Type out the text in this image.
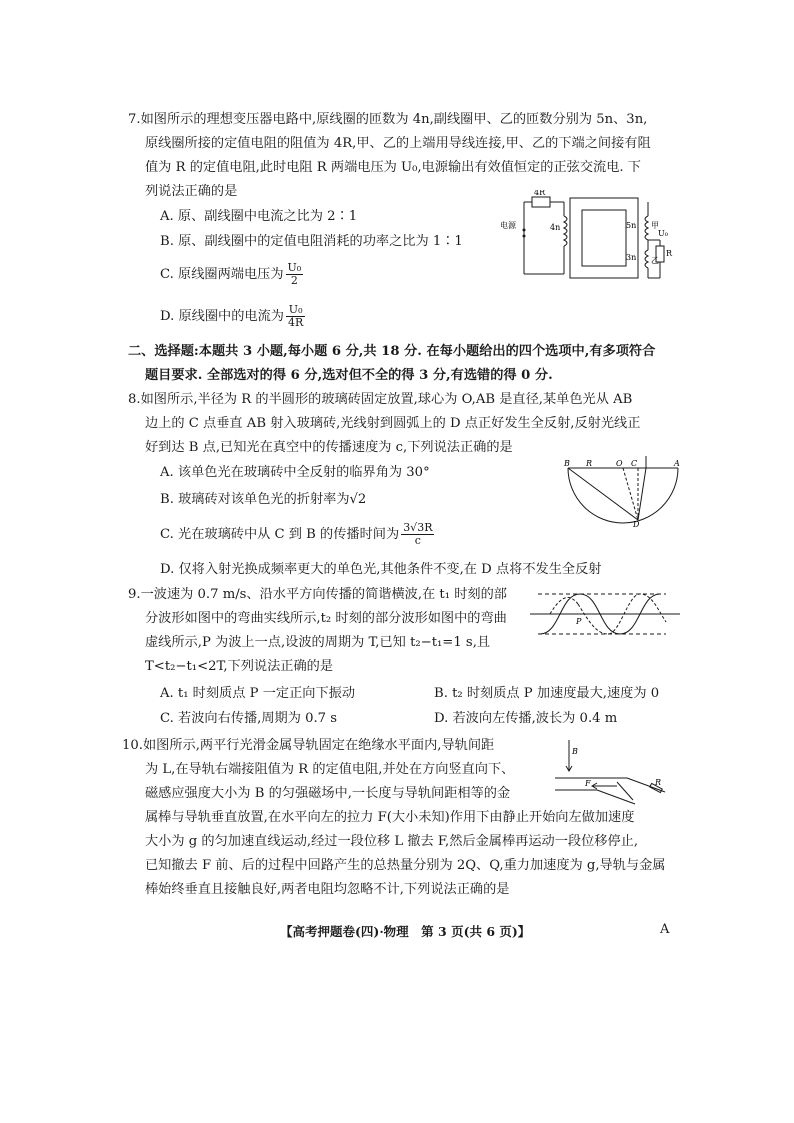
7.如图所示的理想变压器电路中,原线圈的匝数为 4n,副线圈甲、乙的匝数分别为 5n、3n,
原线圈所接的定值电阻的阻值为 4R,甲、乙的上端用导线连接,甲、乙的下端之间接有阻
值为 R 的定值电阻,此时电阻 R 两端电压为 U₀,电源输出有效值恒定的正弦交流电. 下
列说法正确的是
A. 原、副线圈中电流之比为 2∶1
B. 原、副线圈中的定值电阻消耗的功率之比为 1∶1
C. 原线圈两端电压为 $\frac{\text{U₀}}{2}$
D. 原线圈中的电流为 $\frac{\text{U₀}}{4R}$
4R
电源	4n	5n 甲
3n 乙
U₀
R
二、选择题:本题共 3 小题,每小题 6 分,共 18 分. 在每小题给出的四个选项中,有多项符合
题目要求. 全部选对的得 6 分,选对但不全的得 3 分,有选错的得 0 分.
8.如图所示,半径为 R 的半圆形的玻璃砖固定放置,球心为 O,AB 是直径,某单色光从 AB
边上的 C 点垂直 AB 射入玻璃砖,光线射到圆弧上的 D 点正好发生全反射,反射光线正
好到达 B 点,已知光在真空中的传播速度为 c,下列说法正确的是
A. 该单色光在玻璃砖中全反射的临界角为 30°
B. 玻璃砖对该单色光的折射率为√2
C. 光在玻璃砖中从 C 到 B 的传播时间为 $\frac{3√3R}{c}$
D. 仅将入射光换成频率更大的单色光,其他条件不变,在 D 点将不发生全反射
B R	O C	A
D
9.一波速为 0.7 m/s、沿水平方向传播的简谐横波,在 t₁ 时刻的部
分波形如图中的弯曲实线所示,t₂ 时刻的部分波形如图中的弯曲
虚线所示,P 为波上一点,设波的周期为 T,已知 t₂−t₁=1 s,且
T<t₂−t₁<2T,下列说法正确的是
A. t₁ 时刻质点 P 一定正向下振动	B. t₂ 时刻质点 P 加速度最大,速度为 0
C. 若波向右传播,周期为 0.7 s	D. 若波向左传播,波长为 0.4 m
P
10.如图所示,两平行光滑金属导轨固定在绝缘水平面内,导轨间距
为 L,在导轨右端接阻值为 R 的定值电阻,并处在方向竖直向下、
磁感应强度大小为 B 的匀强磁场中,一长度与导轨间距相等的金
属棒与导轨垂直放置,在水平向左的拉力 F(大小未知)作用下由静止开始向左做加速度
大小为 g 的匀加速直线运动,经过一段位移 L 撤去 F,然后金属棒再运动一段位移停止,
已知撤去 F 前、后的过程中回路产生的总热量分别为 2Q、Q,重力加速度为 g,导轨与金属
棒始终垂直且接触良好,两者电阻均忽略不计,下列说法正确的是
B
F	R
【高考押题卷(四)·物理　第 3 页(共 6 页)】	A
